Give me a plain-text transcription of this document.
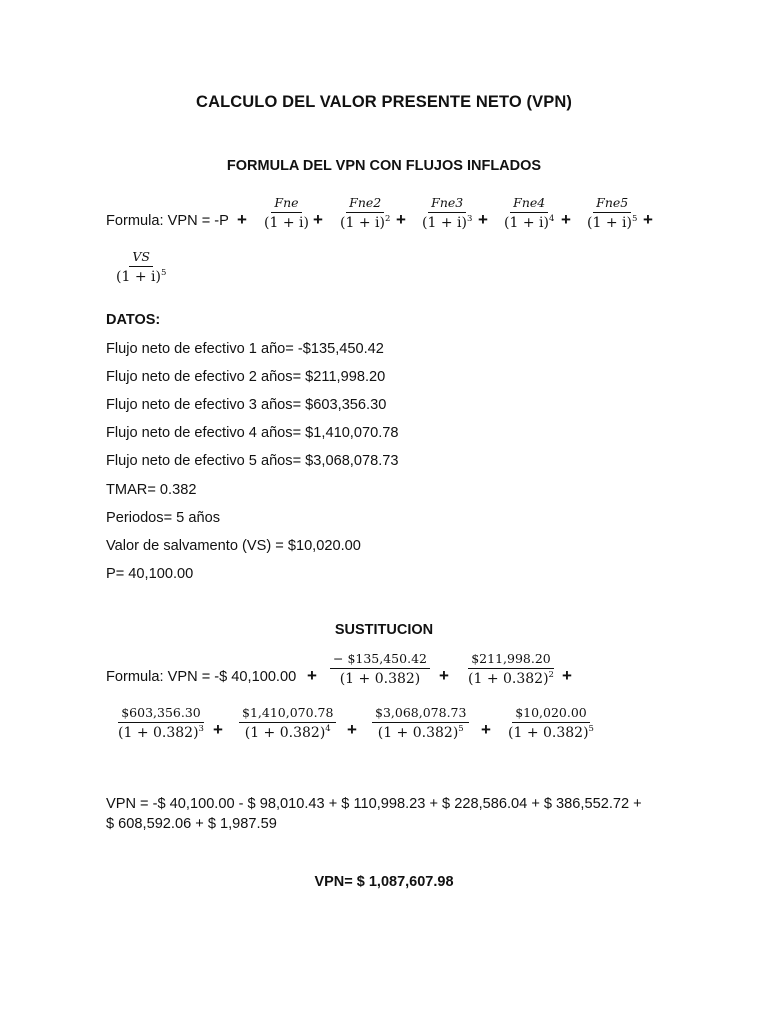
CALCULO DEL VALOR PRESENTE NETO (VPN)
FORMULA DEL VPN CON FLUJOS INFLADOS
Formula: VPN = -P +
Fne
(1 + i) +
Fne2
$(1 + i)^2$ +
Fne3
$(1 + i)^3$ +
Fne4
$(1 + i)^4$ +
Fne5
$(1 + i)^5$ +
$\frac{VS}{(1 + i)^5}$
DATOS:
Flujo neto de efectivo 1 año= -$135,450.42
Flujo neto de efectivo 2 años= $211,998.20
Flujo neto de efectivo 3 años= $603,356.30
Flujo neto de efectivo 4 años= $1,410,070.78
Flujo neto de efectivo 5 años= $3,068,078.73
TMAR= 0.382
Periodos= 5 años
Valor de salvamento (VS) = $10,020.00
P= 40,100.00
SUSTITUCION
Formula: VPN = -$ $40,100.00 + \frac{- \$135,450.42}{(1 + 0.382)} + \frac{\$211,998.20}{(1 + 0.382)^2}$ +
$\frac{\$603,356.30}{(1 + 0.382)^3} + \frac{\$1,410,070.78}{(1 + 0.382)^4} + \frac{\$3,068,078.73}{(1 + 0.382)^5} + \frac{\$10,020.00}{(1 + 0.382)^5}$
VPN = -$ 40,100.00 - $ 98,010.43 + $ 110,998.23 + $ 228,586.04 + $ 386,552.72 +
$ 608,592.06 + $ 1,987.59
VPN= $ 1,087,607.98
